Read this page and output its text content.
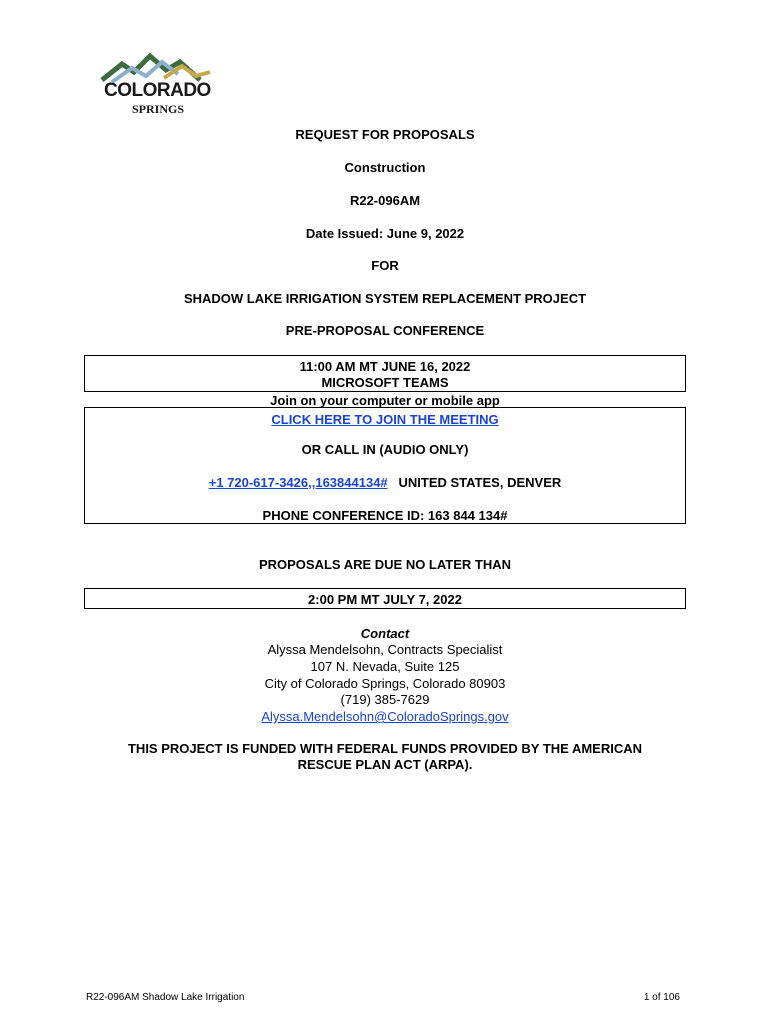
COLORADO
SPRINGS
REQUEST FOR PROPOSALS
Construction
R22-096AM
Date Issued: June 9, 2022
FOR
SHADOW LAKE IRRIGATION SYSTEM REPLACEMENT PROJECT
PRE-PROPOSAL CONFERENCE
11:00 AM MT JUNE 16, 2022
MICROSOFT TEAMS
Join on your computer or mobile app
CLICK HERE TO JOIN THE MEETING
OR CALL IN (AUDIO ONLY)
+1 720-617-3426,,163844134# UNITED STATES, DENVER
PHONE CONFERENCE ID: 163 844 134#
PROPOSALS ARE DUE NO LATER THAN
2:00 PM MT JULY 7, 2022
Contact
Alyssa Mendelsohn, Contracts Specialist
107 N. Nevada, Suite 125
City of Colorado Springs, Colorado 80903
(719) 385-7629
Alyssa.Mendelsohn@ColoradoSprings.gov
THIS PROJECT IS FUNDED WITH FEDERAL FUNDS PROVIDED BY THE AMERICAN
RESCUE PLAN ACT (ARPA).
R22-096AM Shadow Lake Irrigation	1 of 106
